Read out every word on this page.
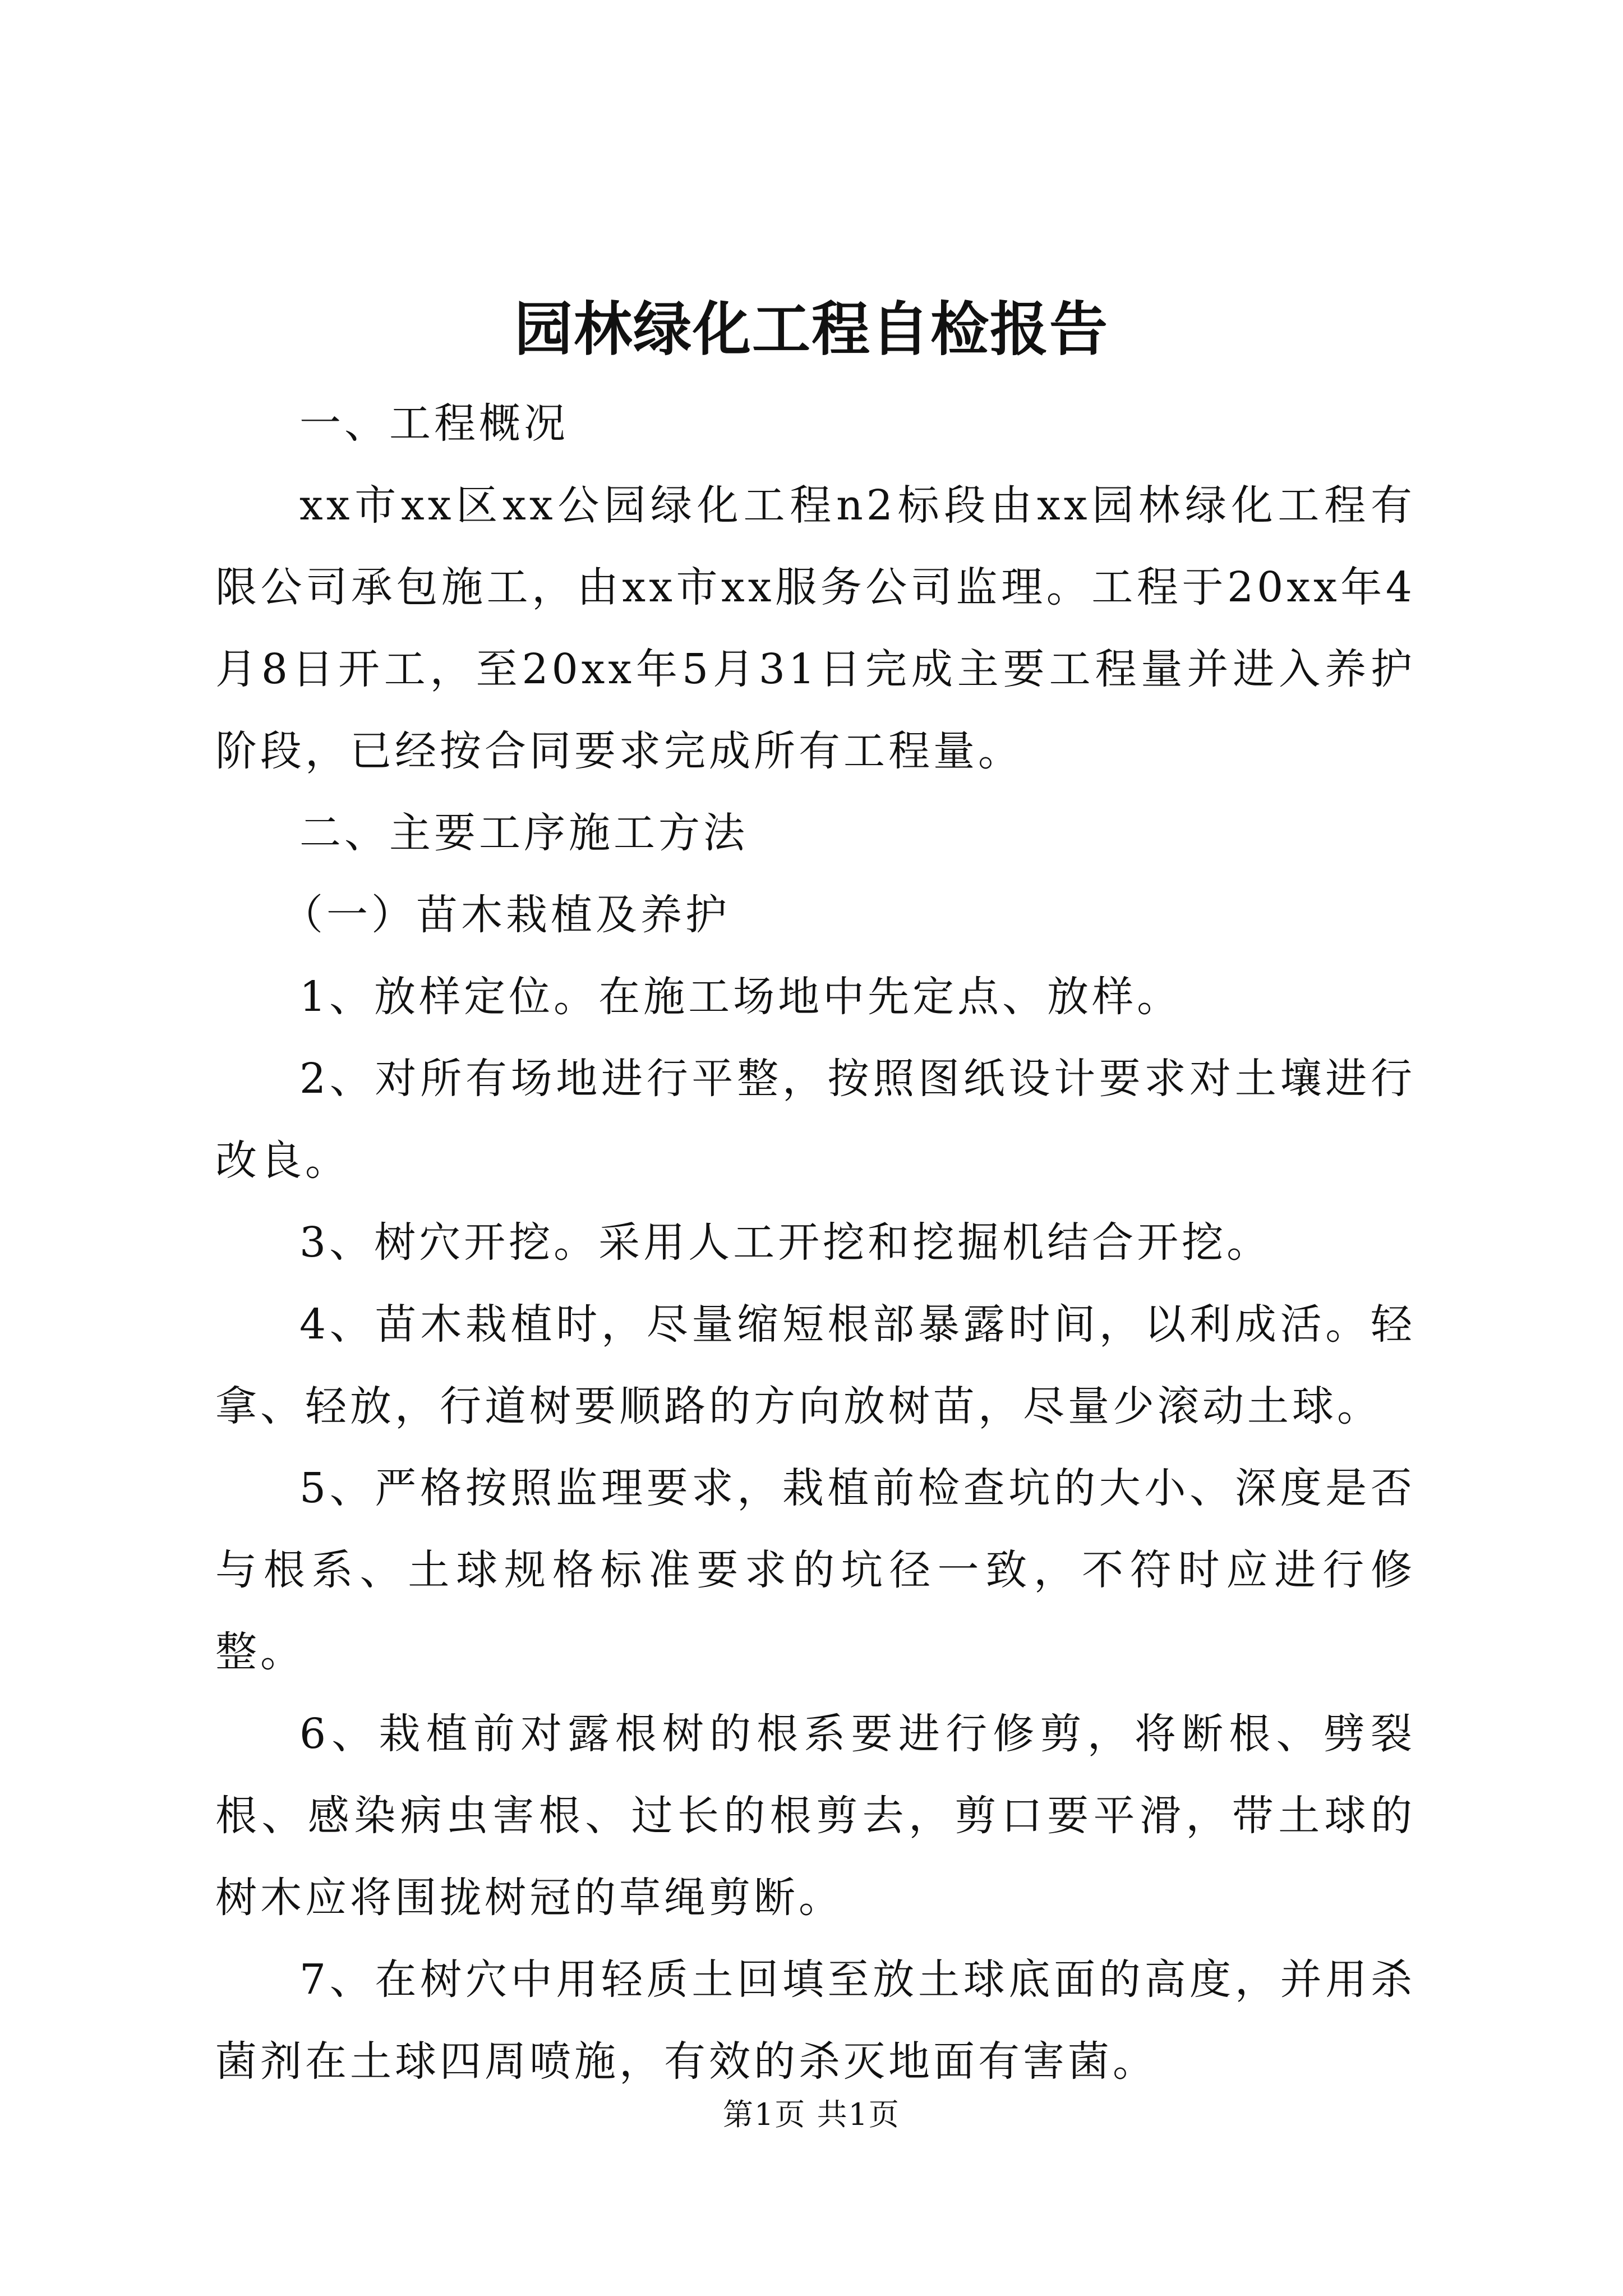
园林绿化工程自检报告

一、工程概况

xx市xx区xx公园绿化工程n2标段由xx园林绿化工程有限公司承包施工，由xx市xx服务公司监理。工程于20xx年4月8日开工，至20xx年5月31日完成主要工程量并进入养护阶段，已经按合同要求完成所有工程量。

二、主要工序施工方法

（一）苗木栽植及养护

1、放样定位。在施工场地中先定点、放样。

2、对所有场地进行平整，按照图纸设计要求对土壤进行改良。

3、树穴开挖。采用人工开挖和挖掘机结合开挖。

4、苗木栽植时，尽量缩短根部暴露时间，以利成活。轻拿、轻放，行道树要顺路的方向放树苗，尽量少滚动土球。

5、严格按照监理要求，栽植前检查坑的大小、深度是否与根系、土球规格标准要求的坑径一致，不符时应进行修整。

6、栽植前对露根树的根系要进行修剪，将断根、劈裂根、感染病虫害根、过长的根剪去，剪口要平滑，带土球的树木应将围拢树冠的草绳剪断。

7、在树穴中用轻质土回填至放土球底面的高度，并用杀菌剂在土球四周喷施，有效的杀灭地面有害菌。

第1页 共1页
